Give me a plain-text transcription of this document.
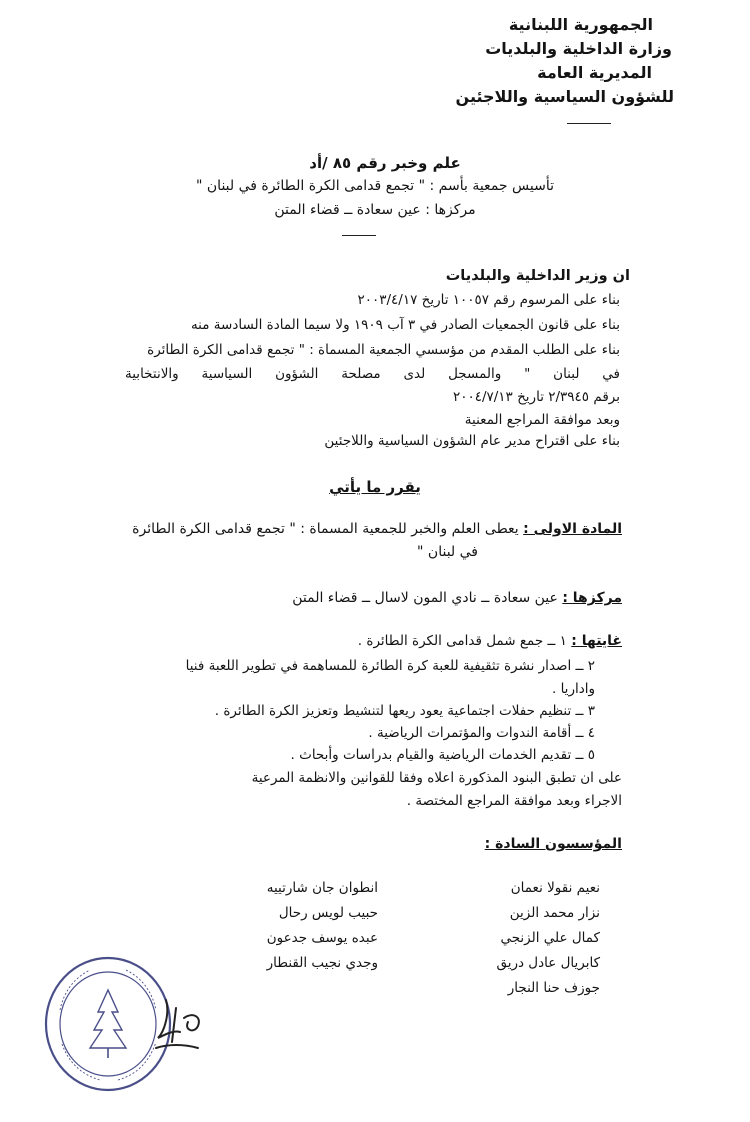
الجمهورية اللبنانية
وزارة الداخلية والبلديات
المديرية العامة
للشؤون السياسية واللاجئين
علم وخبر رقم ٨٥ /أد
تأسيس جمعية بأسم : " تجمع قدامى الكرة الطائرة في لبنان "
مركزها : عين سعادة ــ قضاء المتن
ان وزير الداخلية والبلديات
بناء على المرسوم رقم ١٠٠٥٧ تاريخ ٢٠٠٣/٤/١٧
بناء على قانون الجمعيات الصادر في ٣ آب ١٩٠٩ ولا سيما المادة السادسة منه
بناء على الطلب المقدم من مؤسسي الجمعية المسماة : " تجمع قدامى الكرة الطائرة
في لبنان " والمسجل لدى مصلحة الشؤون السياسية والانتخابية
برقم ٢/٣٩٤٥ تاريخ ٢٠٠٤/٧/١٣
وبعد موافقة المراجع المعنية
بناء على اقتراح مدير عام الشؤون السياسية واللاجئين
يقرر ما يأتي
المادة الاولى : يعطى العلم والخبر للجمعية المسماة : " تجمع قدامى الكرة الطائرة
في لبنان "
مركزها : عين سعادة ــ نادي المون لاسال ــ قضاء المتن
غايتها : ١ ــ جمع شمل قدامى الكرة الطائرة .
٢ ــ اصدار نشرة تثقيفية للعبة كرة الطائرة للمساهمة في تطوير اللعبة فنيا
واداريا .
٣ ــ تنظيم حفلات اجتماعية يعود ريعها لتنشيط وتعزيز الكرة الطائرة .
٤ ــ أقامة الندوات والمؤتمرات الرياضية .
٥ ــ تقديم الخدمات الرياضية والقيام بدراسات وأبحاث .
على ان تطبق البنود المذكورة اعلاه وفقا للقوانين والانظمة المرعية
الاجراء وبعد موافقة المراجع المختصة .
المؤسسون السادة :
نعيم نقولا نعمان
نزار محمد الزين
كمال علي الزنجي
كابريال عادل دريق
جوزف حنا النجار
انطوان جان شارتييه
حبيب لويس رحال
عبده يوسف جدعون
وجدي نجيب القنطار
